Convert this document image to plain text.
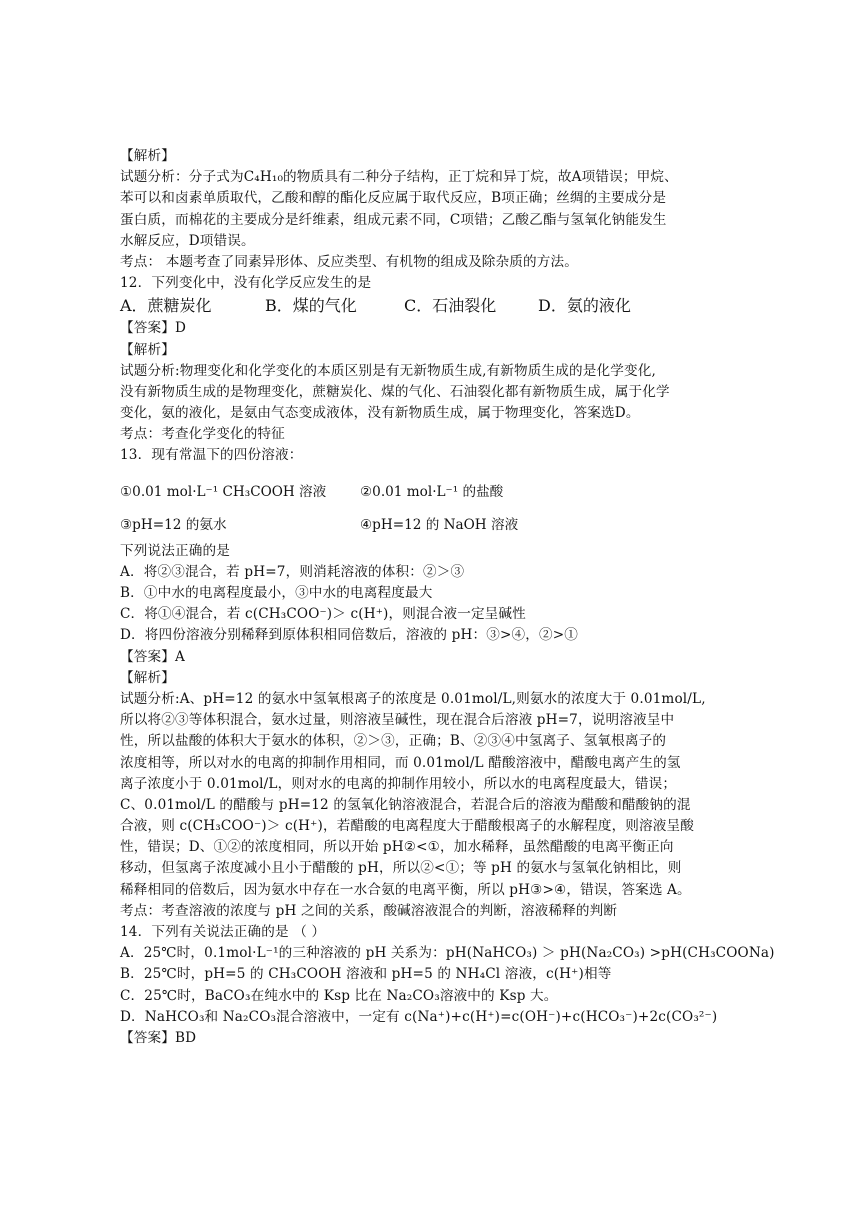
【解析】
试题分析：分子式为C₄H₁₀的物质具有二种分子结构，正丁烷和异丁烷，故A项错误；甲烷、
苯可以和卤素单质取代，乙酸和醇的酯化反应属于取代反应，B项正确；丝绸的主要成分是
蛋白质，而棉花的主要成分是纤维素，组成元素不同，C项错；乙酸乙酯与氢氧化钠能发生
水解反应，D项错误。
考点： 本题考查了同素异形体、反应类型、有机物的组成及除杂质的方法。
12．下列变化中，没有化学反应发生的是
A．蔗糖炭化	B．煤的气化	C．石油裂化	D．氨的液化
【答案】D
【解析】
试题分析:物理变化和化学变化的本质区别是有无新物质生成,有新物质生成的是化学变化,
没有新物质生成的是物理变化，蔗糖炭化、煤的气化、石油裂化都有新物质生成，属于化学
变化，氨的液化，是氨由气态变成液体，没有新物质生成，属于物理变化，答案选D。
考点：考查化学变化的特征
13．现有常温下的四份溶液：
①0.01 mol·L⁻¹ CH₃COOH 溶液 ②0.01 mol·L⁻¹ 的盐酸
③pH=12 的氨水	④pH=12 的 NaOH 溶液
下列说法正确的是
A．将②③混合，若 pH=7，则消耗溶液的体积：②＞③
B．①中水的电离程度最小，③中水的电离程度最大
C．将①④混合，若 c(CH₃COO⁻)＞ c(H⁺)，则混合液一定呈碱性
D．将四份溶液分别稀释到原体积相同倍数后，溶液的 pH：③>④，②>①
【答案】A
【解析】
试题分析:A、pH=12 的氨水中氢氧根离子的浓度是 0.01mol/L,则氨水的浓度大于 0.01mol/L,
所以将②③等体积混合，氨水过量，则溶液呈碱性，现在混合后溶液 pH=7，说明溶液呈中
性，所以盐酸的体积大于氨水的体积，②＞③，正确；B、②③④中氢离子、氢氧根离子的
浓度相等，所以对水的电离的抑制作用相同，而 0.01mol/L 醋酸溶液中，醋酸电离产生的氢
离子浓度小于 0.01mol/L，则对水的电离的抑制作用较小，所以水的电离程度最大，错误；
C、0.01mol/L 的醋酸与 pH=12 的氢氧化钠溶液混合，若混合后的溶液为醋酸和醋酸钠的混
合液，则 c(CH₃COO⁻)＞ c(H⁺)，若醋酸的电离程度大于醋酸根离子的水解程度，则溶液呈酸
性，错误；D、①②的浓度相同，所以开始 pH②<①，加水稀释，虽然醋酸的电离平衡正向
移动，但氢离子浓度减小且小于醋酸的 pH，所以②<①；等 pH 的氨水与氢氧化钠相比，则
稀释相同的倍数后，因为氨水中存在一水合氨的电离平衡，所以 pH③>④，错误，答案选 A。
考点：考查溶液的浓度与 pH 之间的关系，酸碱溶液混合的判断，溶液稀释的判断
14．下列有关说法正确的是 （ ）
A．25℃时，0.1mol·L⁻¹的三种溶液的 pH 关系为：pH(NaHCO₃) ＞ pH(Na₂CO₃) >pH(CH₃COONa)
B．25℃时，pH=5 的 CH₃COOH 溶液和 pH=5 的 NH₄Cl 溶液，c(H⁺)相等
C．25℃时，BaCO₃在纯水中的 Ksp 比在 Na₂CO₃溶液中的 Ksp 大。
D．NaHCO₃和 Na₂CO₃混合溶液中，一定有 c(Na⁺)+c(H⁺)=c(OH⁻)+c(HCO₃⁻)+2c(CO₃²⁻)
【答案】BD
